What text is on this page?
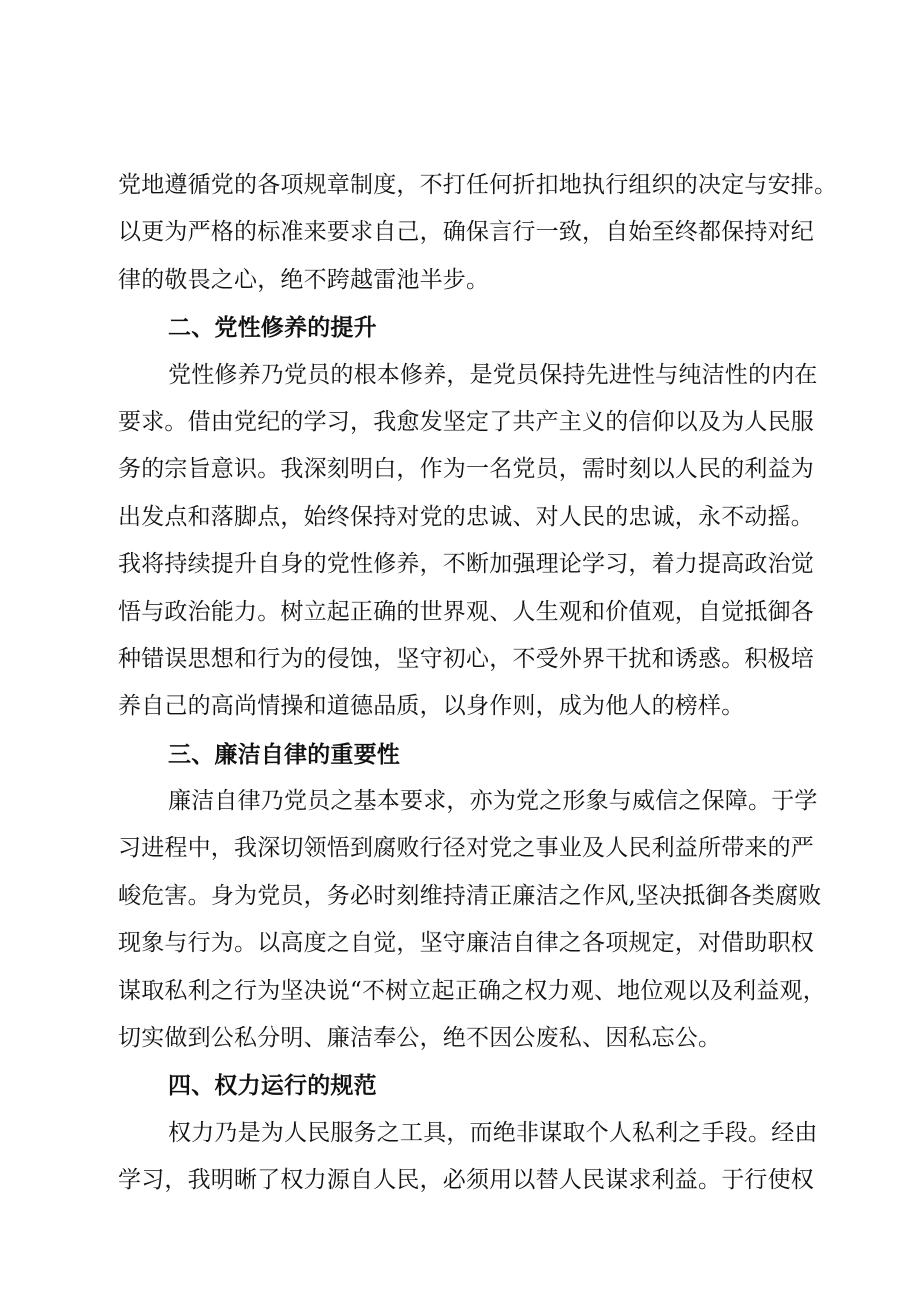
党地遵循党的各项规章制度，不打任何折扣地执行组织的决定与安排。
以更为严格的标准来要求自己，确保言行一致，自始至终都保持对纪
律的敬畏之心，绝不跨越雷池半步。
二、党性修养的提升
党性修养乃党员的根本修养，是党员保持先进性与纯洁性的内在
要求。借由党纪的学习，我愈发坚定了共产主义的信仰以及为人民服
务的宗旨意识。我深刻明白，作为一名党员，需时刻以人民的利益为
出发点和落脚点，始终保持对党的忠诚、对人民的忠诚，永不动摇。
我将持续提升自身的党性修养，不断加强理论学习，着力提高政治觉
悟与政治能力。树立起正确的世界观、人生观和价值观，自觉抵御各
种错误思想和行为的侵蚀，坚守初心，不受外界干扰和诱惑。积极培
养自己的高尚情操和道德品质，以身作则，成为他人的榜样。
三、廉洁自律的重要性
廉洁自律乃党员之基本要求，亦为党之形象与威信之保障。于学
习进程中，我深切领悟到腐败行径对党之事业及人民利益所带来的严
峻危害。身为党员，务必时刻维持清正廉洁之作风,坚决抵御各类腐败
现象与行为。以高度之自觉，坚守廉洁自律之各项规定，对借助职权
谋取私利之行为坚决说“不树立起正确之权力观、地位观以及利益观，
切实做到公私分明、廉洁奉公，绝不因公废私、因私忘公。
四、权力运行的规范
权力乃是为人民服务之工具，而绝非谋取个人私利之手段。经由
学习，我明晰了权力源自人民，必须用以替人民谋求利益。于行使权
